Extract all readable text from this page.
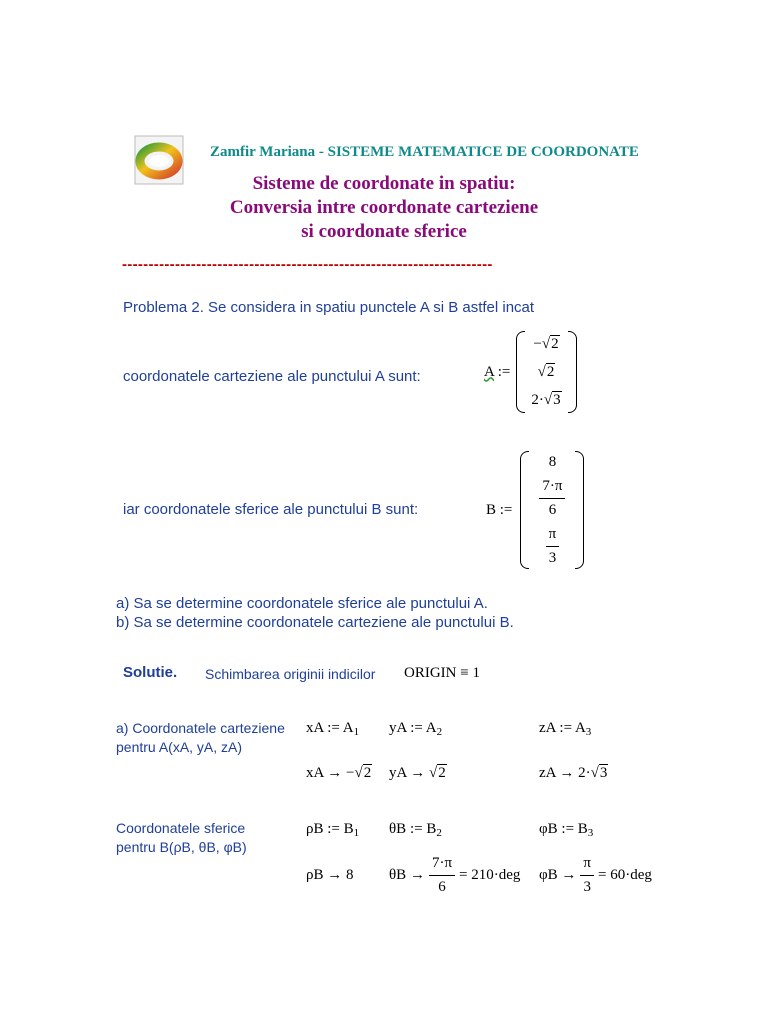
Zamfir Mariana - SISTEME MATEMATICE DE COORDONATE
Sisteme de coordonate in spatiu:
Conversia intre coordonate carteziene
si coordonate sferice
----------------------------------------------------------------------
Problema 2. Se considera in spatiu punctele A si B astfel incat
coordonatele carteziene ale punctului A sunt:	A :=
−√2
√2
2·√3
iar coordonatele sferice ale punctului B sunt:	B :=
8
$\frac{7\cdot\pi}{6}$
$\frac{\pi}{3}$
a) Sa se determine coordonatele sferice ale punctului A.
b) Sa se determine coordonatele carteziene ale punctului B.
Solutie. Schimbarea originii indicilor ORIGIN ≡ 1
a) Coordonatele carteziene
pentru A(xA, yA, zA)
xA := $A_1$ yA := $A_2$	zA := $A_3$
xA → −√2 yA → √2	zA → 2·√3
Coordonatele sferice
pentru B(ρB, θB, φB)
ρB := $B_1$ θB := $B_2$	φB := $B_3$
ρB → 8 $\theta B \to \frac{7\cdot\pi}{6} = 210\cdot deg$ $\varphi B \to \frac{\pi}{3} = 60\cdot deg$
